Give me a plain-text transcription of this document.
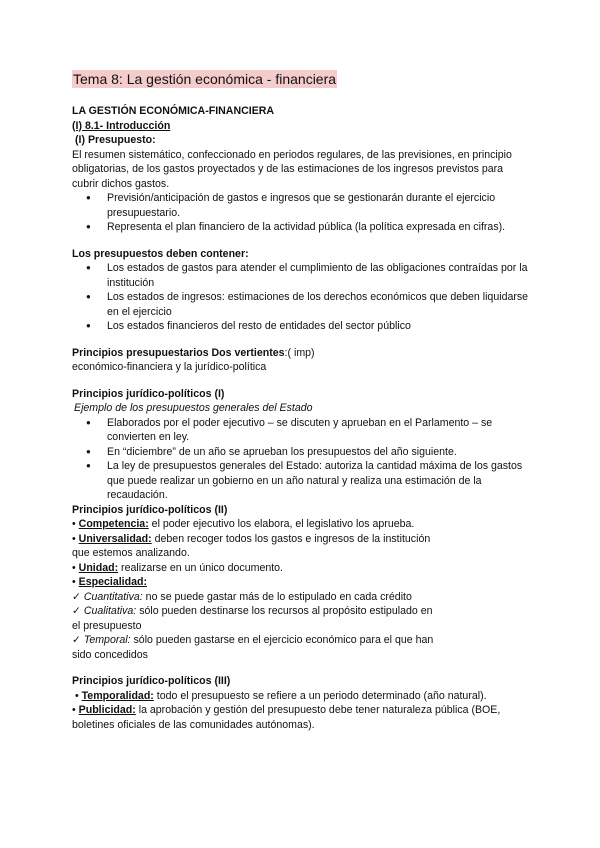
Tema 8: La gestión económica - financiera

LA GESTIÓN ECONÓMICA-FINANCIERA

(I) 8.1- Introducción

(I) Presupuesto:

El resumen sistemático, confeccionado en periodos regulares, de las previsiones, en principio obligatorias, de los gastos proyectados y de las estimaciones de los ingresos previstos para cubrir dichos gastos.

● Previsión/anticipación de gastos e ingresos que se gestionarán durante el ejercicio presupuestario.
● Representa el plan financiero de la actividad pública (la política expresada en cifras).

Los presupuestos deben contener:

● Los estados de gastos para atender el cumplimiento de las obligaciones contraídas por la institución
● Los estados de ingresos: estimaciones de los derechos económicos que deben liquidarse en el ejercicio
● Los estados financieros del resto de entidades del sector público

Principios presupuestarios Dos vertientes:( imp)

económico-financiera y la jurídico-política

Principios jurídico-políticos (I)

Ejemplo de los presupuestos generales del Estado

● Elaborados por el poder ejecutivo – se discuten y aprueban en el Parlamento – se convierten en ley.
● En “diciembre” de un año se aprueban los presupuestos del año siguiente.
● La ley de presupuestos generales del Estado: autoriza la cantidad máxima de los gastos que puede realizar un gobierno en un año natural y realiza una estimación de la recaudación.

Principios jurídico-políticos (II)

• Competencia: el poder ejecutivo los elabora, el legislativo los aprueba.

• Universalidad: deben recoger todos los gastos e ingresos de la institución

que estemos analizando.

• Unidad: realizarse en un único documento.

• Especialidad:

✓ Cuantitativa: no se puede gastar más de lo estipulado en cada crédito

✓ Cualitativa: sólo pueden destinarse los recursos al propósito estipulado en

el presupuesto

✓ Temporal: sólo pueden gastarse en el ejercicio económico para el que han

sido concedidos

Principios jurídico-políticos (III)

• Temporalidad: todo el presupuesto se refiere a un periodo determinado (año natural).

• Publicidad: la aprobación y gestión del presupuesto debe tener naturaleza pública (BOE,

boletines oficiales de las comunidades autónomas).
